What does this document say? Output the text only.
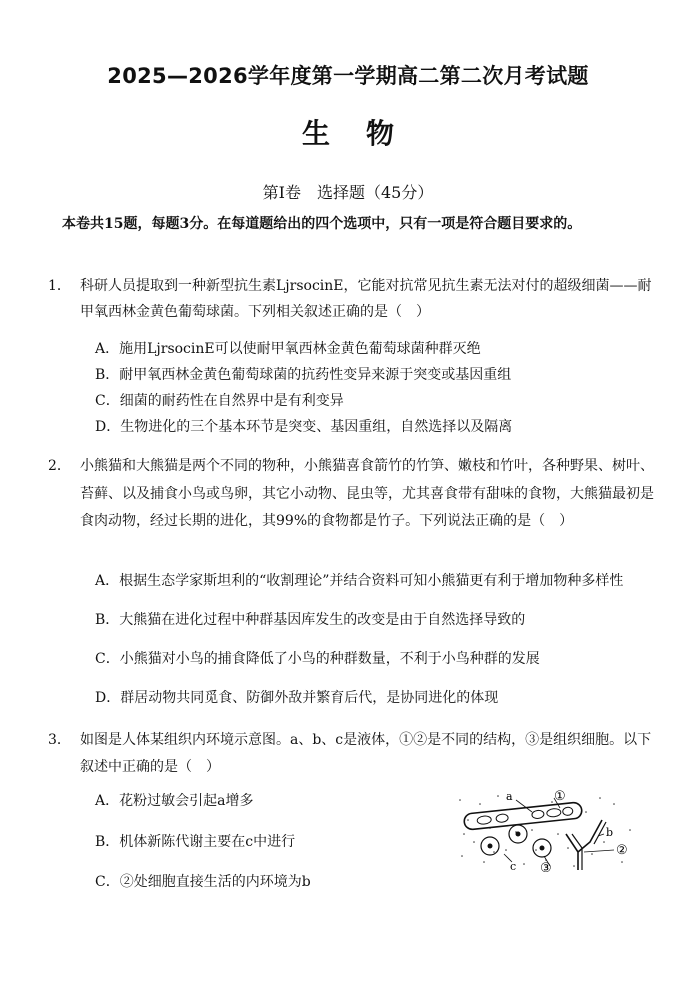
2025—2026学年度第一学期高二第二次月考试题
生物
第Ⅰ卷　选择题（45分）
本卷共15题，每题3分。在每道题给出的四个选项中，只有一项是符合题目要求的。
1． 科研人员提取到一种新型抗生素LjrsocinE，它能对抗常见抗生素无法对付的超级细菌——耐甲氧西林金黄色葡萄球菌。下列相关叙述正确的是（　）
A．施用LjrsocinE可以使耐甲氧西林金黄色葡萄球菌种群灭绝
B．耐甲氧西林金黄色葡萄球菌的抗药性变异来源于突变或基因重组
C．细菌的耐药性在自然界中是有利变异
D．生物进化的三个基本环节是突变、基因重组，自然选择以及隔离
2． 小熊猫和大熊猫是两个不同的物种，小熊猫喜食箭竹的竹笋、嫩枝和竹叶，各种野果、树叶、苔藓、以及捕食小鸟或鸟卵，其它小动物、昆虫等，尤其喜食带有甜味的食物，大熊猫最初是食肉动物，经过长期的进化，其99%的食物都是竹子。下列说法正确的是（　）
A．根据生态学家斯坦利的“收割理论”并结合资料可知小熊猫更有利于增加物种多样性
B．大熊猫在进化过程中种群基因库发生的改变是由于自然选择导致的
C．小熊猫对小鸟的捕食降低了小鸟的种群数量，不利于小鸟种群的发展
D．群居动物共同觅食、防御外敌并繁育后代，是协同进化的体现
3． 如图是人体某组织内环境示意图。a、b、c是液体，①②是不同的结构，③是组织细胞。以下叙述中正确的是（　）
A．花粉过敏会引起a增多
B．机体新陈代谢主要在c中进行
C．②处细胞直接生活的内环境为b
a	①
b
②
c ③
